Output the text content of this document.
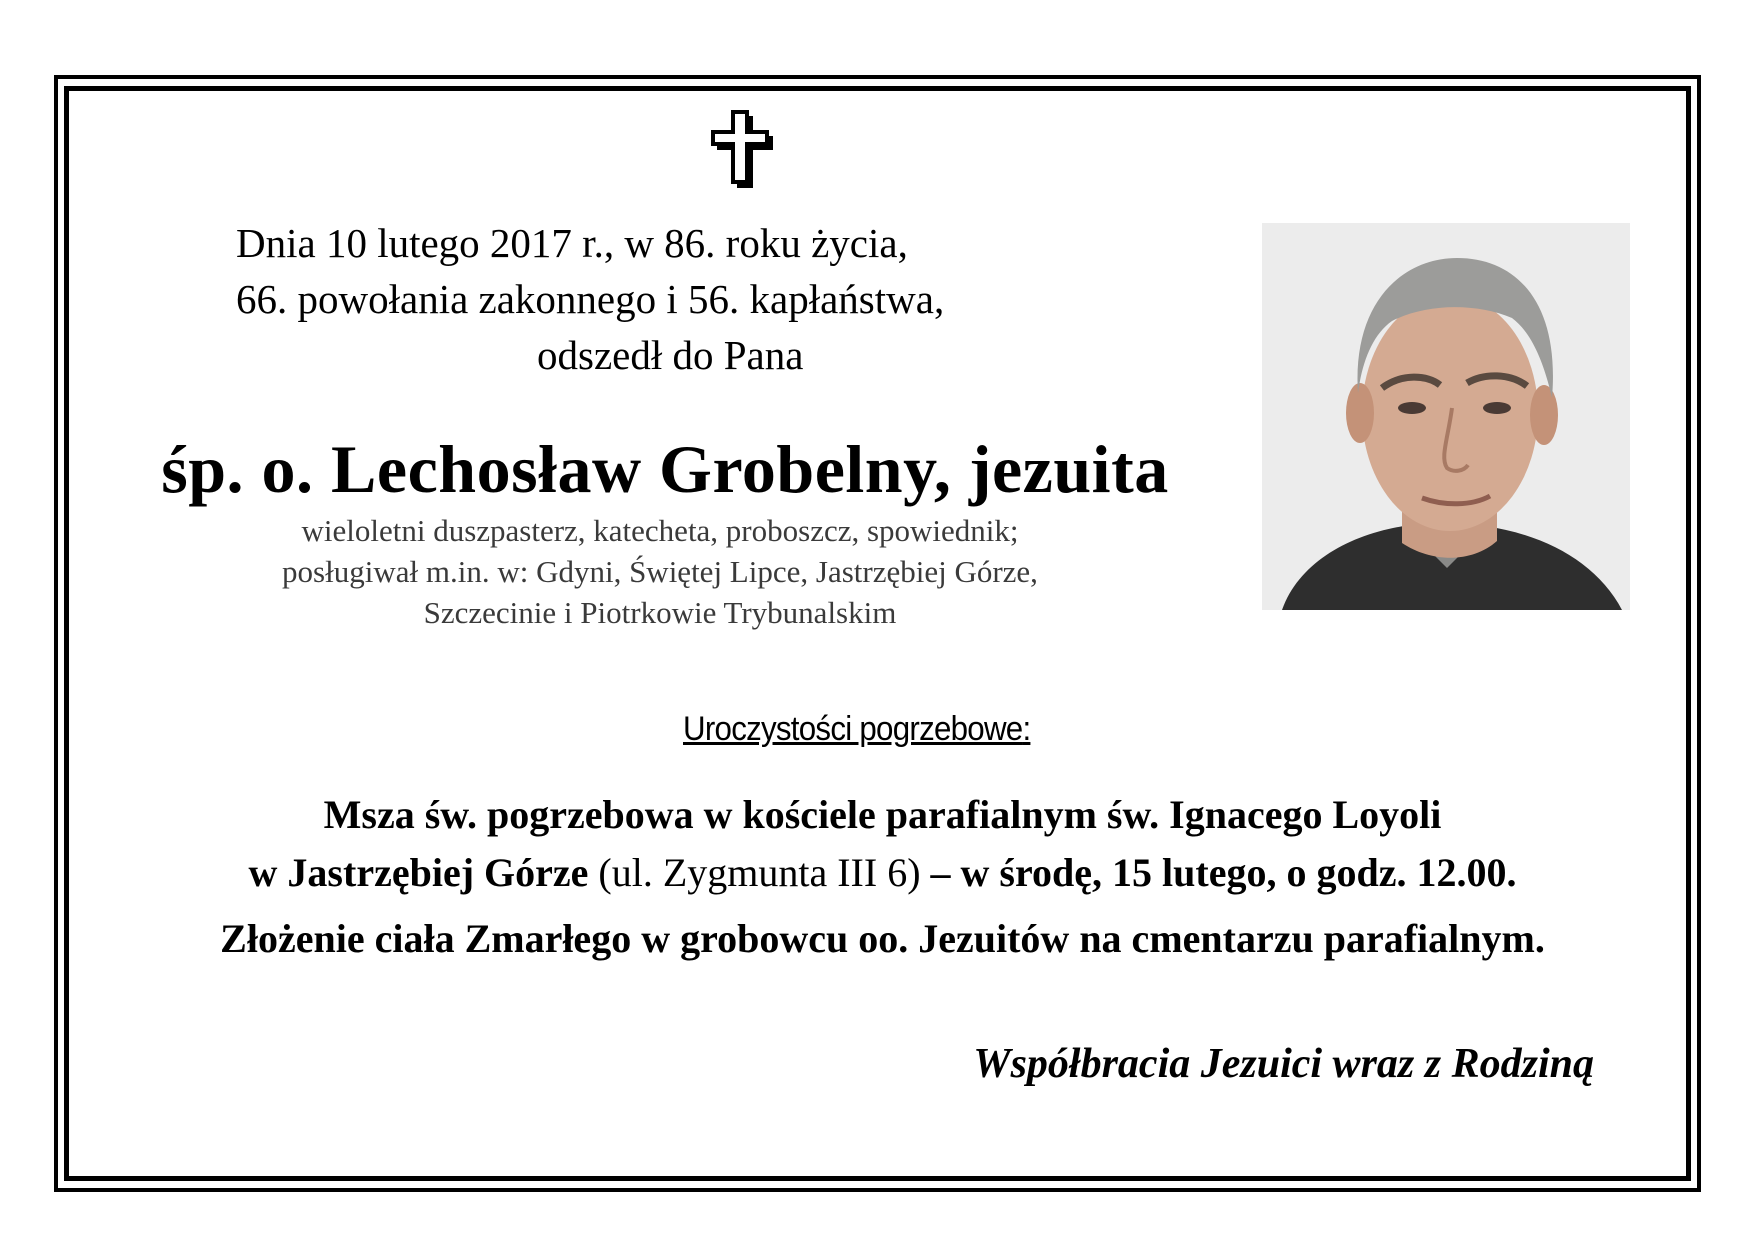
Dnia 10 lutego 2017 r., w 86. roku życia,
66. powołania zakonnego i 56. kapłaństwa,
odszedł do Pana
śp. o. Lechosław Grobelny, jezuita
wieloletni duszpasterz, katecheta, proboszcz, spowiednik;
posługiwał m.in. w: Gdyni, Świętej Lipce, Jastrzębiej Górze,
Szczecinie i Piotrkowie Trybunalskim
Uroczystości pogrzebowe:
Msza św. pogrzebowa w kościele parafialnym św. Ignacego Loyoli
w Jastrzębiej Górze (ul. Zygmunta III 6) – w środę, 15 lutego, o godz. 12.00.
Złożenie ciała Zmarłego w grobowcu oo. Jezuitów na cmentarzu parafialnym.
Współbracia Jezuici wraz z Rodziną
